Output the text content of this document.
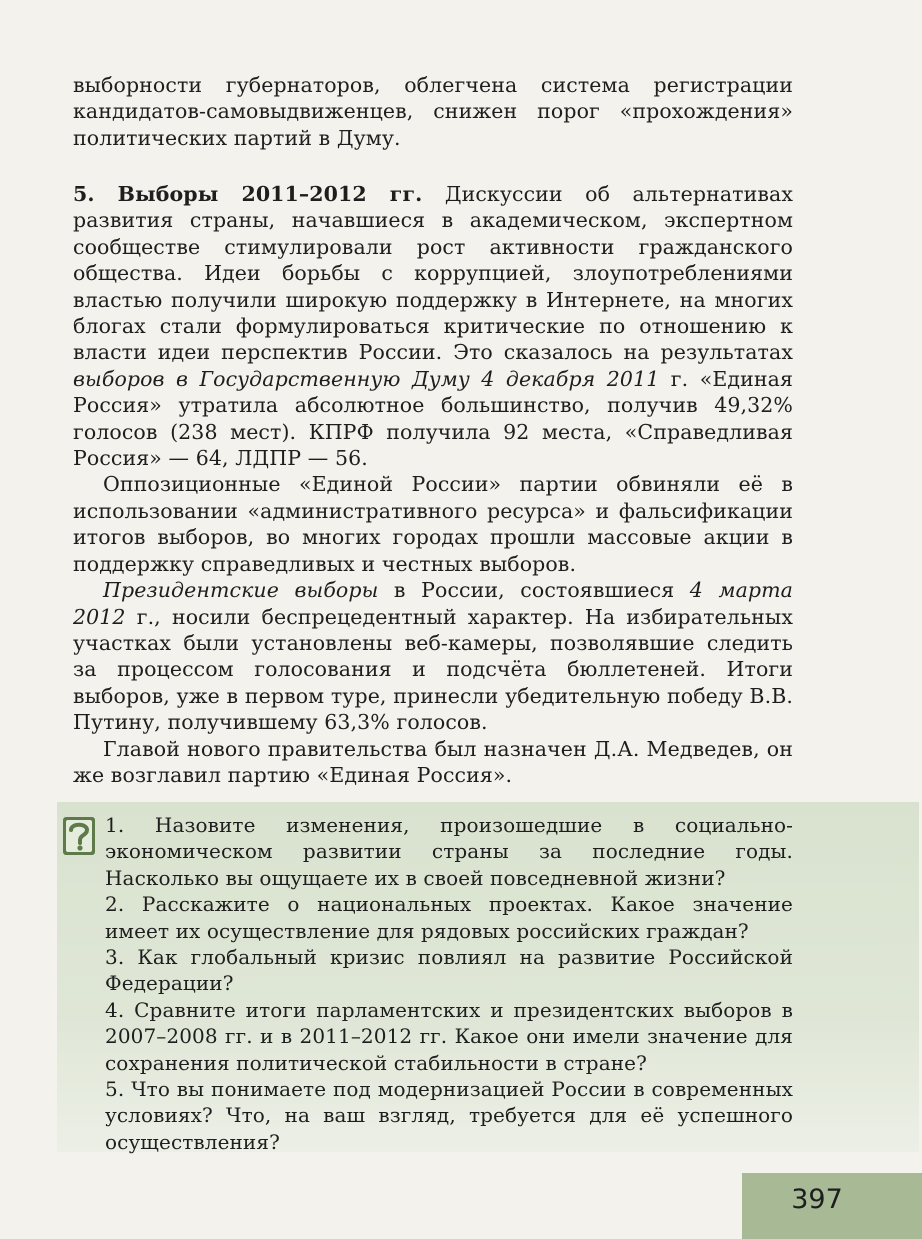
выборности губернаторов, облегчена система регистрации кандидатов-самовыдвиженцев, снижен порог «прохождения» политических партий в Думу.

5. Выборы 2011–2012 гг. Дискуссии об альтернативах развития страны, начавшиеся в академическом, экспертном сообществе стимулировали рост активности гражданского общества. Идеи борьбы с коррупцией, злоупотреблениями властью получили широкую поддержку в Интернете, на многих блогах стали формулироваться критические по отношению к власти идеи перспектив России. Это сказалось на результатах выборов в Государственную Думу 4 декабря 2011 г. «Единая Россия» утратила абсолютное большинство, получив 49,32% голосов (238 мест). КПРФ получила 92 места, «Справедливая Россия» — 64, ЛДПР — 56.

Оппозиционные «Единой России» партии обвиняли её в использовании «административного ресурса» и фальсификации итогов выборов, во многих городах прошли массовые акции в поддержку справедливых и честных выборов.

Президентские выборы в России, состоявшиеся 4 марта 2012 г., носили беспрецедентный характер. На избирательных участках были установлены веб-камеры, позволявшие следить за процессом голосования и подсчёта бюллетеней. Итоги выборов, уже в первом туре, принесли убедительную победу В.В. Путину, получившему 63,3% голосов.

Главой нового правительства был назначен Д.А. Медведев, он же возглавил партию «Единая Россия».

1. Назовите изменения, произошедшие в социально-экономическом развитии страны за последние годы. Насколько вы ощущаете их в своей повседневной жизни?

2. Расскажите о национальных проектах. Какое значение имеет их осуществление для рядовых российских граждан?

3. Как глобальный кризис повлиял на развитие Российской Федерации?

4. Сравните итоги парламентских и президентских выборов в 2007–2008 гг. и в 2011–2012 гг. Какое они имели значение для сохранения политической стабильности в стране?

5. Что вы понимаете под модернизацией России в современных условиях? Что, на ваш взгляд, требуется для её успешного осуществления?

397
